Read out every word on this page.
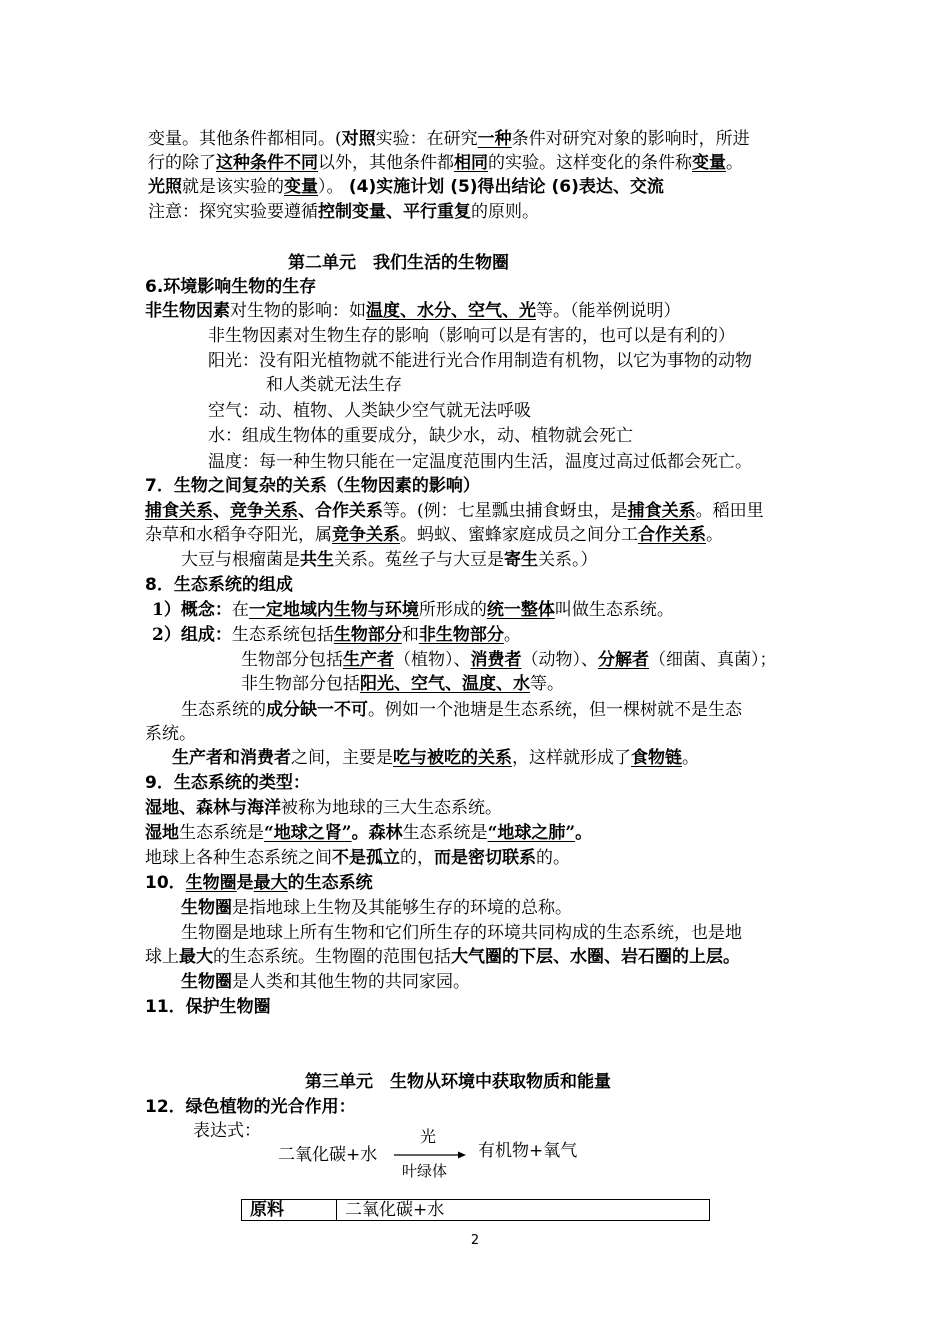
变量。其他条件都相同。(对照实验：在研究一种条件对研究对象的影响时，所进
行的除了这种条件不同以外，其他条件都相同的实验。这样变化的条件称变量。
光照就是该实验的变量）。 (4)实施计划 (5)得出结论 (6)表达、交流
注意：探究实验要遵循控制变量、平行重复的原则。
第二单元　我们生活的生物圈
6.环境影响生物的生存
非生物因素对生物的影响：如温度、水分、空气、光等。（能举例说明）
非生物因素对生物生存的影响（影响可以是有害的，也可以是有利的）
阳光：没有阳光植物就不能进行光合作用制造有机物，以它为事物的动物
和人类就无法生存
空气：动、植物、人类缺少空气就无法呼吸
水：组成生物体的重要成分，缺少水，动、植物就会死亡
温度：每一种生物只能在一定温度范围内生活，温度过高过低都会死亡。
7．生物之间复杂的关系（生物因素的影响）
捕食关系、竞争关系、合作关系等。(例：七星瓢虫捕食蚜虫，是捕食关系。稻田里
杂草和水稻争夺阳光，属竞争关系。蚂蚁、蜜蜂家庭成员之间分工合作关系。
大豆与根瘤菌是共生关系。菟丝子与大豆是寄生关系。）
8．生态系统的组成
1）概念：在一定地域内生物与环境所形成的统一整体叫做生态系统。
2）组成：生态系统包括生物部分和非生物部分。
生物部分包括生产者（植物）、消费者（动物）、分解者（细菌、真菌）；
非生物部分包括阳光、空气、温度、水等。
生态系统的成分缺一不可。例如一个池塘是生态系统，但一棵树就不是生态
系统。
生产者和消费者之间，主要是吃与被吃的关系，这样就形成了食物链。
9．生态系统的类型：
湿地、森林与海洋被称为地球的三大生态系统。
湿地生态系统是“地球之肾”。森林生态系统是“地球之肺”。
地球上各种生态系统之间不是孤立的，而是密切联系的。
10．生物圈是最大的生态系统
生物圈是指地球上生物及其能够生存的环境的总称。
生物圈是地球上所有生物和它们所生存的环境共同构成的生态系统，也是地
球上最大的生态系统。生物圈的范围包括大气圈的下层、水圈、岩石圈的上层。
生物圈是人类和其他生物的共同家园。
11．保护生物圈
第三单元　生物从环境中获取物质和能量
12．绿色植物的光合作用：
表达式：
二氧化碳+水
光
叶绿体
有机物+氧气
原料	二氧化碳+水
2
